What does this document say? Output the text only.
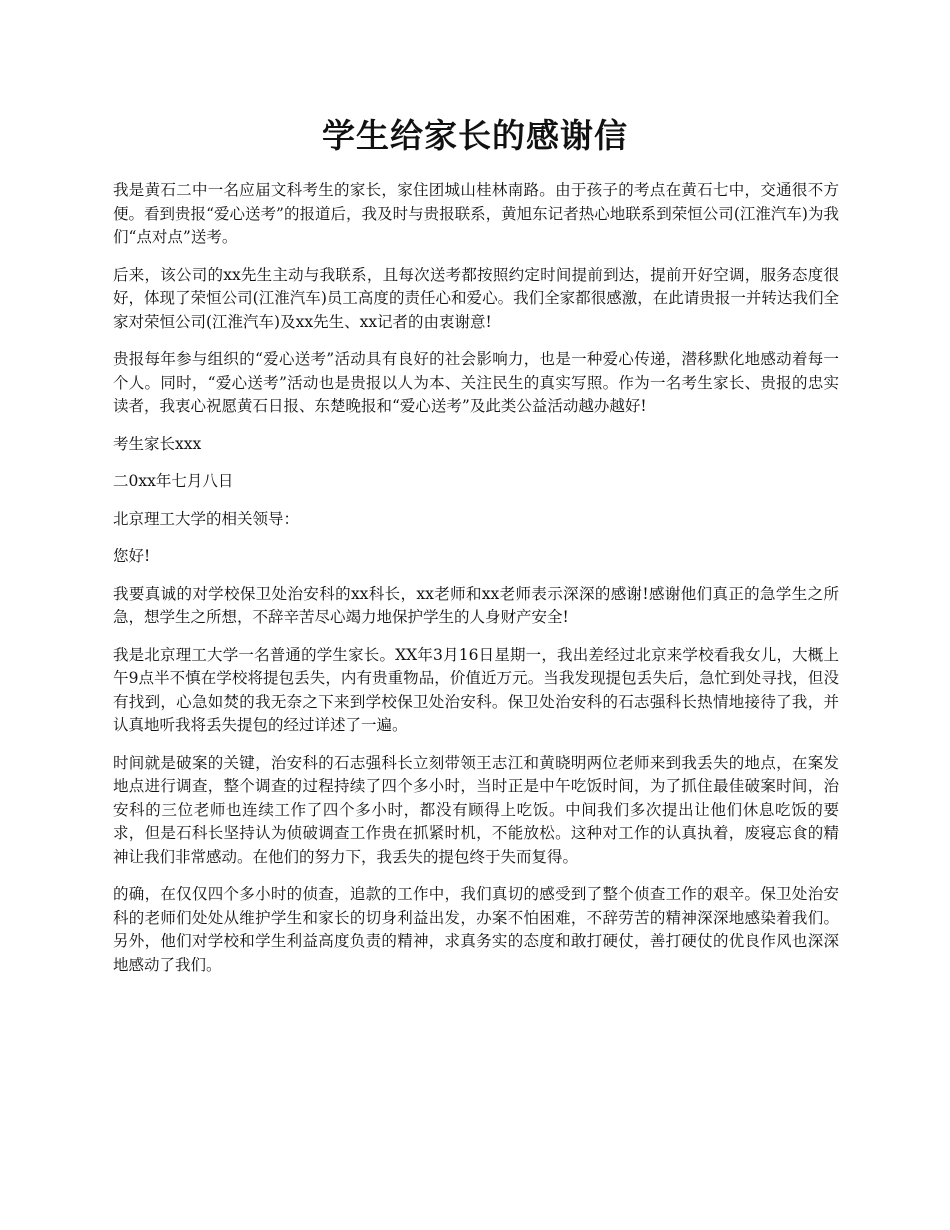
学生给家长的感谢信

我是黄石二中一名应届文科考生的家长，家住团城山桂林南路。由于孩子的考点在黄石七中，交通很不方便。看到贵报“爱心送考”的报道后，我及时与贵报联系，黄旭东记者热心地联系到荣恒公司(江淮汽车)为我们“点对点”送考。

后来，该公司的xx先生主动与我联系，且每次送考都按照约定时间提前到达，提前开好空调，服务态度很好，体现了荣恒公司(江淮汽车)员工高度的责任心和爱心。我们全家都很感激，在此请贵报一并转达我们全家对荣恒公司(江淮汽车)及xx先生、xx记者的由衷谢意!

贵报每年参与组织的“爱心送考”活动具有良好的社会影响力，也是一种爱心传递，潜移默化地感动着每一个人。同时，“爱心送考”活动也是贵报以人为本、关注民生的真实写照。作为一名考生家长、贵报的忠实读者，我衷心祝愿黄石日报、东楚晚报和“爱心送考”及此类公益活动越办越好!

考生家长xxx

二0xx年七月八日

北京理工大学的相关领导：

您好!

我要真诚的对学校保卫处治安科的xx科长，xx老师和xx老师表示深深的感谢!感谢他们真正的急学生之所急，想学生之所想，不辞辛苦尽心竭力地保护学生的人身财产安全!

我是北京理工大学一名普通的学生家长。XX年3月16日星期一，我出差经过北京来学校看我女儿，大概上午9点半不慎在学校将提包丢失，内有贵重物品，价值近万元。当我发现提包丢失后，急忙到处寻找，但没有找到，心急如焚的我无奈之下来到学校保卫处治安科。保卫处治安科的石志强科长热情地接待了我，并认真地听我将丢失提包的经过详述了一遍。

时间就是破案的关键，治安科的石志强科长立刻带领王志江和黄晓明两位老师来到我丢失的地点，在案发地点进行调查，整个调查的过程持续了四个多小时，当时正是中午吃饭时间，为了抓住最佳破案时间，治安科的三位老师也连续工作了四个多小时，都没有顾得上吃饭。中间我们多次提出让他们休息吃饭的要求，但是石科长坚持认为侦破调查工作贵在抓紧时机，不能放松。这种对工作的认真执着，废寝忘食的精神让我们非常感动。在他们的努力下，我丢失的提包终于失而复得。

的确，在仅仅四个多小时的侦查，追款的工作中，我们真切的感受到了整个侦查工作的艰辛。保卫处治安科的老师们处处从维护学生和家长的切身利益出发，办案不怕困难，不辞劳苦的精神深深地感染着我们。另外，他们对学校和学生利益高度负责的精神，求真务实的态度和敢打硬仗，善打硬仗的优良作风也深深地感动了我们。
